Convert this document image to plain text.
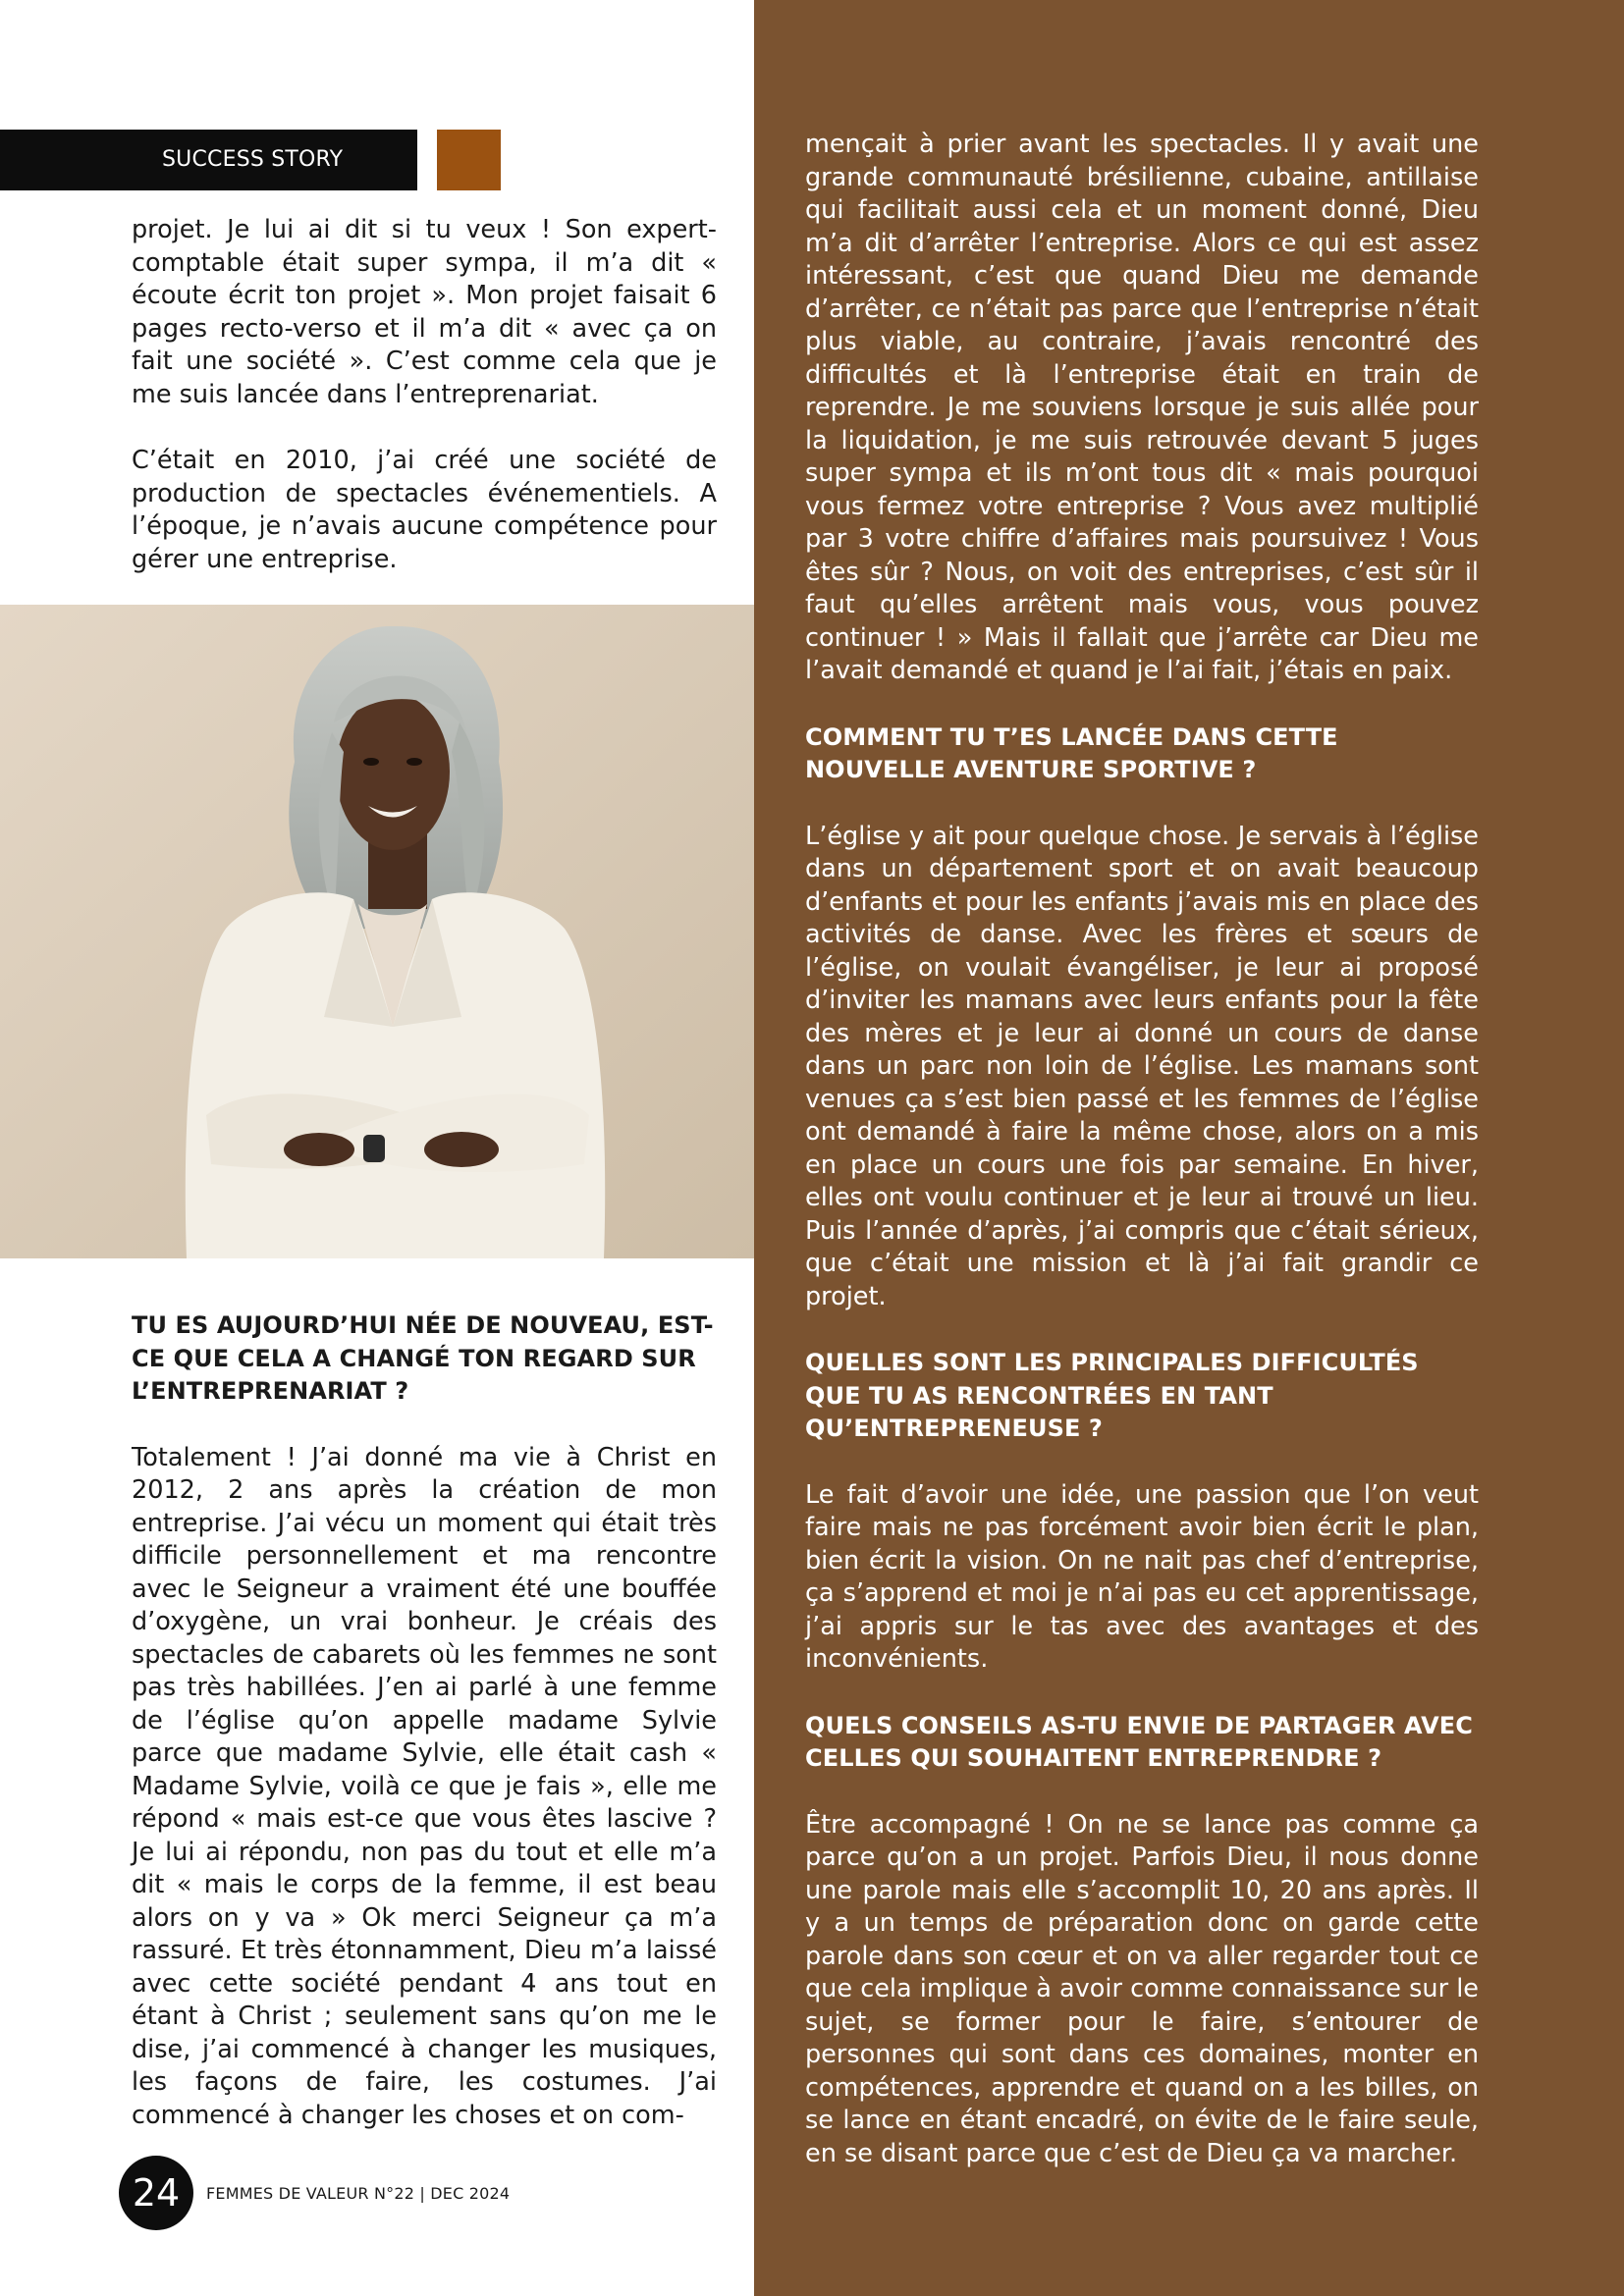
SUCCESS STORY

projet. Je lui ai dit si tu veux ! Son expert-comptable était super sympa, il m’a dit « écoute écrit ton projet ». Mon projet faisait 6 pages recto-verso et il m’a dit « avec ça on fait une société ». C’est comme cela que je me suis lancée dans l’entreprenariat.

C’était en 2010, j’ai créé une société de production de spectacles événementiels. A l’époque, je n’avais aucune compétence pour gérer une entreprise.

TU ES AUJOURD’HUI NÉE DE NOUVEAU, EST-CE QUE CELA A CHANGÉ TON REGARD SUR L’ENTREPRENARIAT ?

Totalement ! J’ai donné ma vie à Christ en 2012, 2 ans après la création de mon entreprise. J’ai vécu un moment qui était très difficile personnellement et ma rencontre avec le Seigneur a vraiment été une bouffée d’oxygène, un vrai bonheur. Je créais des spectacles de cabarets où les femmes ne sont pas très habillées. J’en ai parlé à une femme de l’église qu’on appelle madame Sylvie parce que madame Sylvie, elle était cash « Madame Sylvie, voilà ce que je fais », elle me répond « mais est-ce que vous êtes lascive ? Je lui ai répondu, non pas du tout et elle m’a dit « mais le corps de la femme, il est beau alors on y va » Ok merci Seigneur ça m’a rassuré. Et très étonnamment, Dieu m’a laissé avec cette société pendant 4 ans tout en étant à Christ ; seulement sans qu’on me le dise, j’ai commencé à changer les musiques, les façons de faire, les costumes. J’ai commencé à changer les choses et on com-

mençait à prier avant les spectacles. Il y avait une grande communauté brésilienne, cubaine, antillaise qui facilitait aussi cela et un moment donné, Dieu m’a dit d’arrêter l’entreprise. Alors ce qui est assez intéressant, c’est que quand Dieu me demande d’arrêter, ce n’était pas parce que l’entreprise n’était plus viable, au contraire, j’avais rencontré des difficultés et là l’entreprise était en train de reprendre. Je me souviens lorsque je suis allée pour la liquidation, je me suis retrouvée devant 5 juges super sympa et ils m’ont tous dit « mais pourquoi vous fermez votre entreprise ? Vous avez multiplié par 3 votre chiffre d’affaires mais poursuivez ! Vous êtes sûr ? Nous, on voit des entreprises, c’est sûr il faut qu’elles arrêtent mais vous, vous pouvez continuer ! » Mais il fallait que j’arrête car Dieu me l’avait demandé et quand je l’ai fait, j’étais en paix.

COMMENT TU T’ES LANCÉE DANS CETTE NOUVELLE AVENTURE SPORTIVE ?

L’église y ait pour quelque chose. Je servais à l’église dans un département sport et on avait beaucoup d’enfants et pour les enfants j’avais mis en place des activités de danse. Avec les frères et sœurs de l’église, on voulait évangéliser, je leur ai proposé d’inviter les mamans avec leurs enfants pour la fête des mères et je leur ai donné un cours de danse dans un parc non loin de l’église. Les mamans sont venues ça s’est bien passé et les femmes de l’église ont demandé à faire la même chose, alors on a mis en place un cours une fois par semaine. En hiver, elles ont voulu continuer et je leur ai trouvé un lieu. Puis l’année d’après, j’ai compris que c’était sérieux, que c’était une mission et là j’ai fait grandir ce projet.

QUELLES SONT LES PRINCIPALES DIFFICULTÉS QUE TU AS RENCONTRÉES EN TANT QU’ENTREPRENEUSE ?

Le fait d’avoir une idée, une passion que l’on veut faire mais ne pas forcément avoir bien écrit le plan, bien écrit la vision. On ne nait pas chef d’entreprise, ça s’apprend et moi je n’ai pas eu cet apprentissage, j’ai appris sur le tas avec des avantages et des inconvénients.

QUELS CONSEILS AS-TU ENVIE DE PARTAGER AVEC CELLES QUI SOUHAITENT ENTREPRENDRE ?

Être accompagné ! On ne se lance pas comme ça parce qu’on a un projet. Parfois Dieu, il nous donne une parole mais elle s’accomplit 10, 20 ans après. Il y a un temps de préparation donc on garde cette parole dans son cœur et on va aller regarder tout ce que cela implique à avoir comme connaissance sur le sujet, se former pour le faire, s’entourer de personnes qui sont dans ces domaines, monter en compétences, apprendre et quand on a les billes, on se lance en étant encadré, on évite de le faire seule, en se disant parce que c’est de Dieu ça va marcher.

24	FEMMES DE VALEUR N°22 | DEC 2024
